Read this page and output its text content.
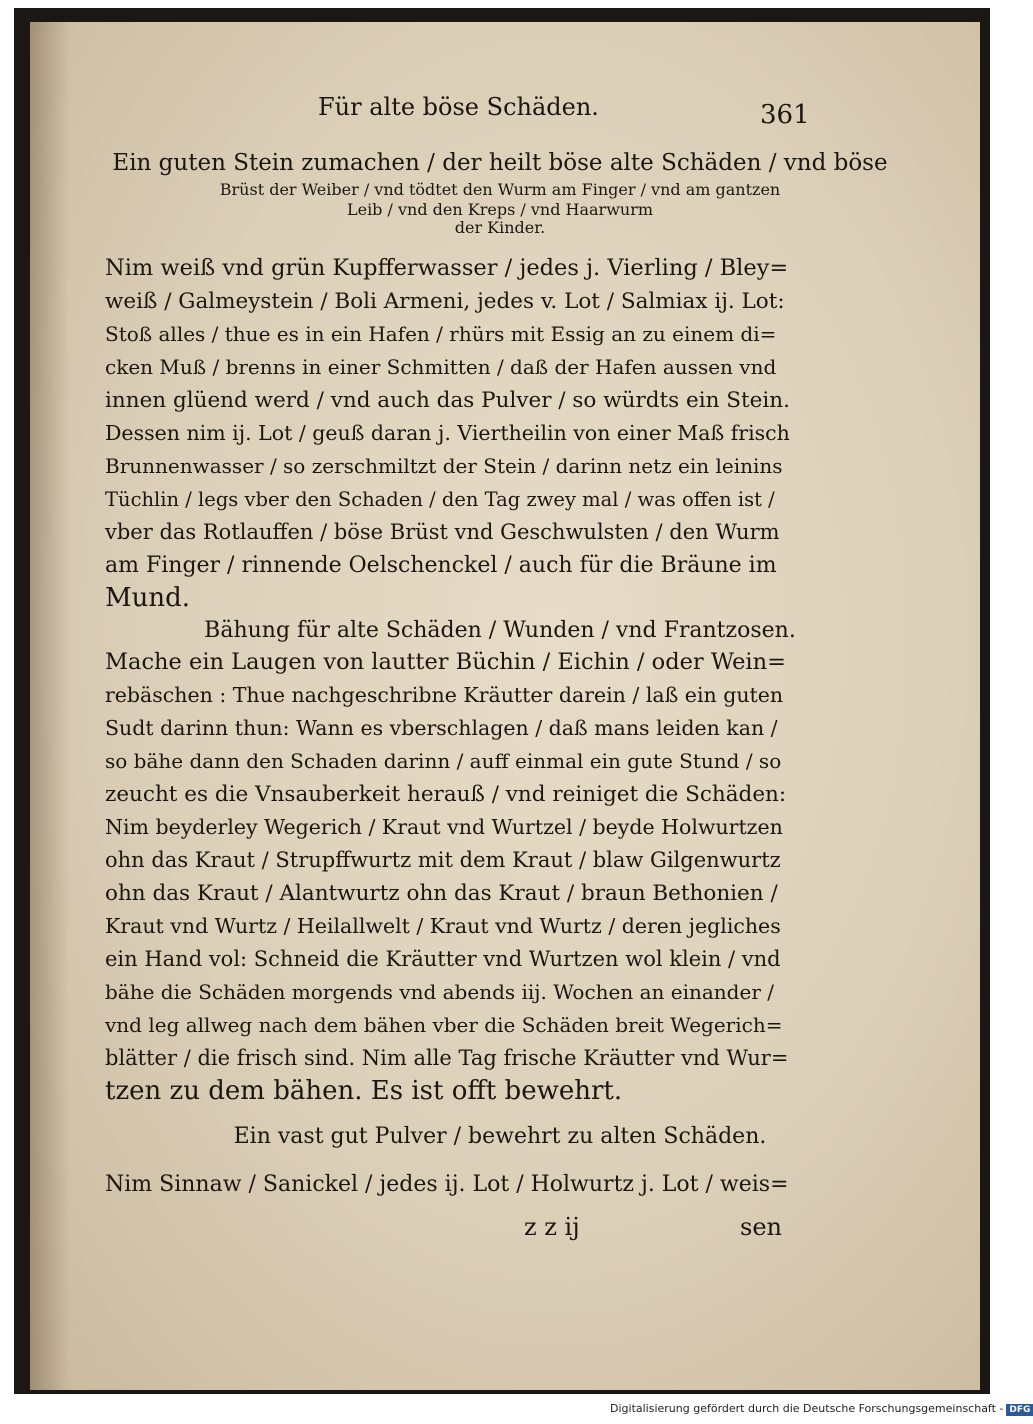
Für alte böse Schäden.	361
Ein guten Stein zumachen / der heilt böse alte Schäden / vnd böse
Brüst der Weiber / vnd tödtet den Wurm am Finger / vnd am gantzen
Leib / vnd den Kreps / vnd Haarwurm
der Kinder.
Nim weiß vnd grün Kupfferwasser / jedes j. Vierling / Bley=
weiß / Galmeystein / Boli Armeni, jedes v. Lot / Salmiax ij. Lot:
Stoß alles / thue es in ein Hafen / rhürs mit Essig an zu einem di=
cken Muß / brenns in einer Schmitten / daß der Hafen aussen vnd
innen glüend werd / vnd auch das Pulver / so würdts ein Stein.
Dessen nim ij. Lot / geuß daran j. Viertheilin von einer Maß frisch
Brunnenwasser / so zerschmiltzt der Stein / darinn netz ein leinins
Tüchlin / legs vber den Schaden / den Tag zwey mal / was offen ist /
vber das Rotlauffen / böse Brüst vnd Geschwulsten / den Wurm
am Finger / rinnende Oelschenckel / auch für die Bräune im
Mund.
Bähung für alte Schäden / Wunden / vnd Frantzosen.
Mache ein Laugen von lautter Büchin / Eichin / oder Wein=
rebäschen : Thue nachgeschribne Kräutter darein / laß ein guten
Sudt darinn thun: Wann es vberschlagen / daß mans leiden kan /
so bähe dann den Schaden darinn / auff einmal ein gute Stund / so
zeucht es die Vnsauberkeit herauß / vnd reiniget die Schäden:
Nim beyderley Wegerich / Kraut vnd Wurtzel / beyde Holwurtzen
ohn das Kraut / Strupffwurtz mit dem Kraut / blaw Gilgenwurtz
ohn das Kraut / Alantwurtz ohn das Kraut / braun Bethonien /
Kraut vnd Wurtz / Heilallwelt / Kraut vnd Wurtz / deren jegliches
ein Hand vol: Schneid die Kräutter vnd Wurtzen wol klein / vnd
bähe die Schäden morgends vnd abends iij. Wochen an einander /
vnd leg allweg nach dem bähen vber die Schäden breit Wegerich=
blätter / die frisch sind. Nim alle Tag frische Kräutter vnd Wur=
tzen zu dem bähen. Es ist offt bewehrt.
Ein vast gut Pulver / bewehrt zu alten Schäden.
Nim Sinnaw / Sanickel / jedes ij. Lot / Holwurtz j. Lot / weis=
z z ij	sen
Digitalisierung gefördert durch die Deutsche Forschungsgemeinschaft - DFG
